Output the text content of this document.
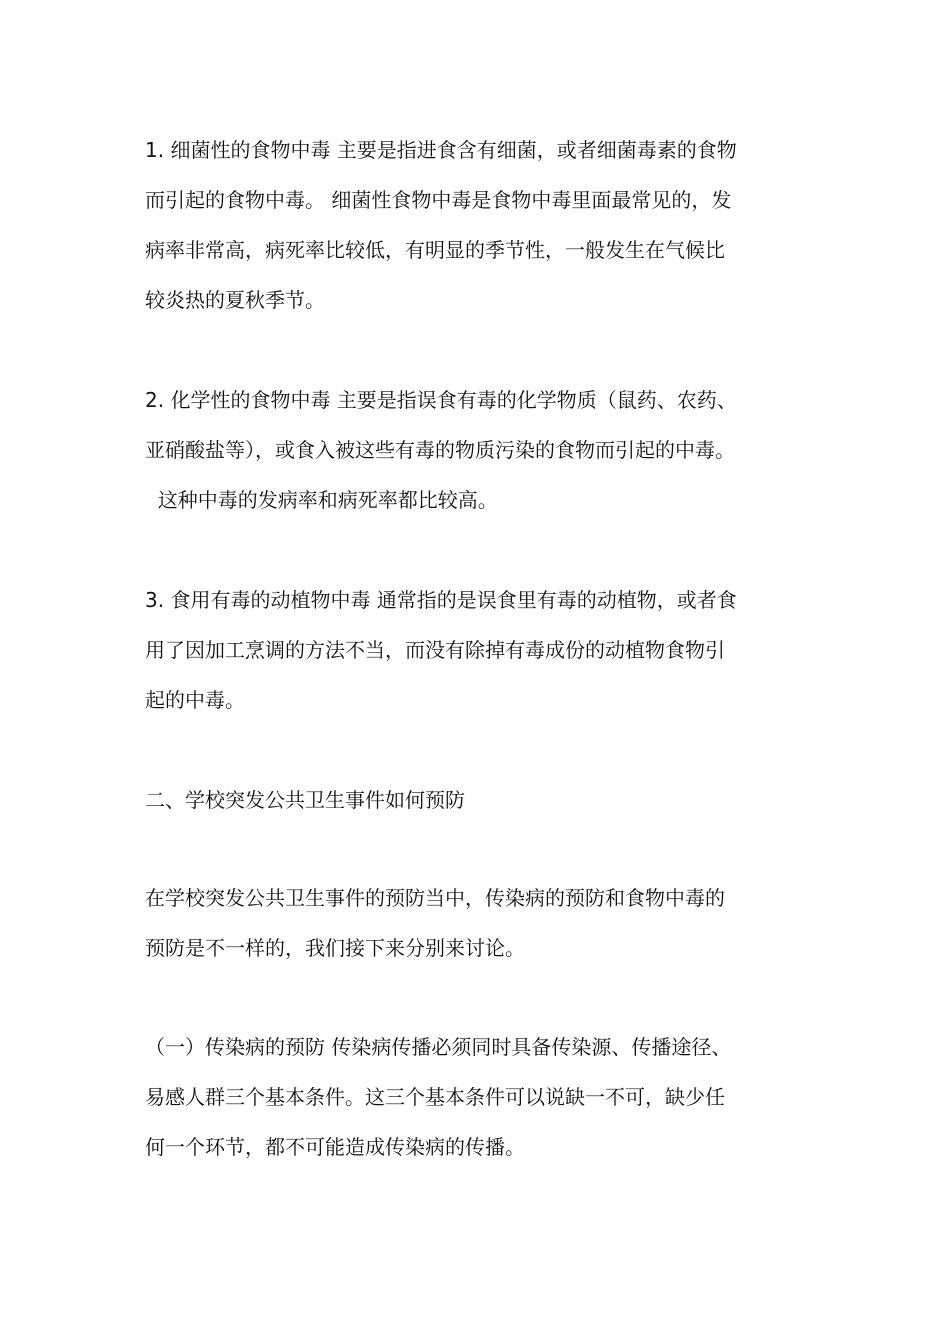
1. 细菌性的食物中毒 主要是指进食含有细菌，或者细菌毒素的食物
而引起的食物中毒。 细菌性食物中毒是食物中毒里面最常见的，发
病率非常高，病死率比较低，有明显的季节性，一般发生在气候比
较炎热的夏秋季节。

2. 化学性的食物中毒 主要是指误食有毒的化学物质（鼠药、农药、
亚硝酸盐等），或食入被这些有毒的物质污染的食物而引起的中毒。
这种中毒的发病率和病死率都比较高。

3. 食用有毒的动植物中毒 通常指的是误食里有毒的动植物，或者食
用了因加工烹调的方法不当，而没有除掉有毒成份的动植物食物引
起的中毒。

二、学校突发公共卫生事件如何预防

在学校突发公共卫生事件的预防当中，传染病的预防和食物中毒的
预防是不一样的，我们接下来分别来讨论。

（一）传染病的预防 传染病传播必须同时具备传染源、传播途径、
易感人群三个基本条件。这三个基本条件可以说缺一不可，缺少任
何一个环节，都不可能造成传染病的传播。
